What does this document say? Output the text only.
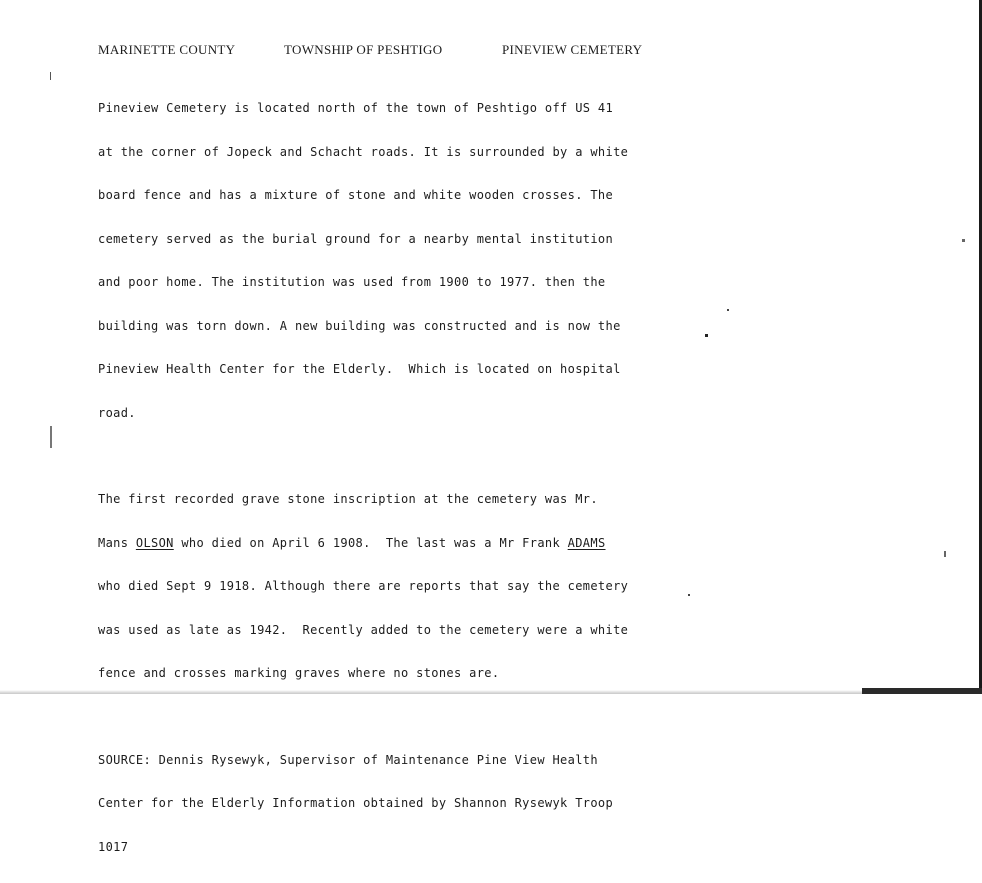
MARINETTE COUNTY	TOWNSHIP OF PESHTIGO	PINEVIEW CEMETERY

Pineview Cemetery is located north of the town of Peshtigo off US 41

at the corner of Jopeck and Schacht roads. It is surrounded by a white

board fence and has a mixture of stone and white wooden crosses. The

cemetery served as the burial ground for a nearby mental institution

and poor home. The institution was used from 1900 to 1977. then the

building was torn down. A new building was constructed and is now the

Pineview Health Center for the Elderly.  Which is located on hospital

road.

The first recorded grave stone inscription at the cemetery was Mr.

Mans OLSON who died on April 6 1908.  The last was a Mr Frank ADAMS

who died Sept 9 1918. Although there are reports that say the cemetery

was used as late as 1942.  Recently added to the cemetery were a white

fence and crosses marking graves where no stones are.

SOURCE: Dennis Rysewyk, Supervisor of Maintenance Pine View Health

Center for the Elderly Information obtained by Shannon Rysewyk Troop

1017
